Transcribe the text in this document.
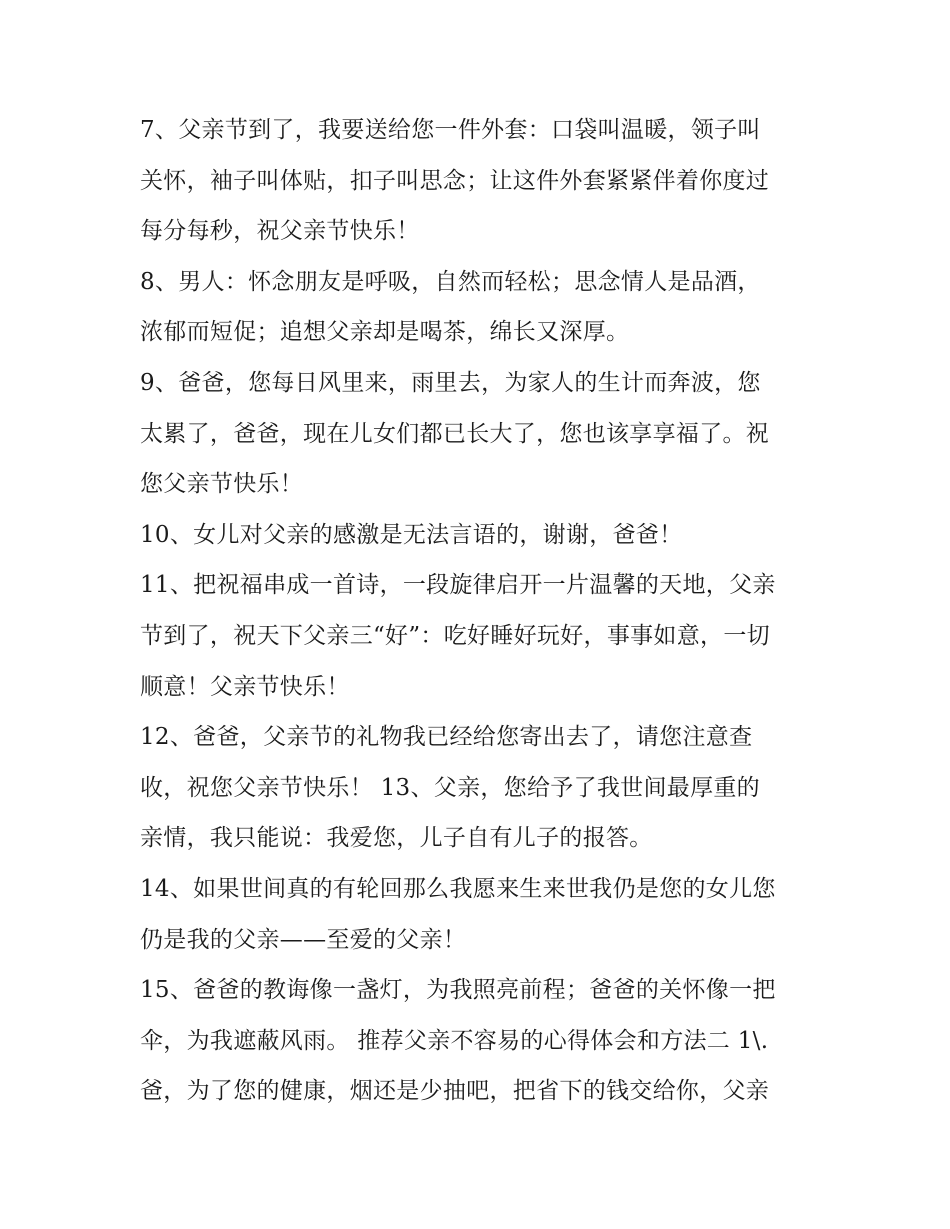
7、父亲节到了，我要送给您一件外套：口袋叫温暖，领子叫
关怀，袖子叫体贴，扣子叫思念；让这件外套紧紧伴着你度过
每分每秒，祝父亲节快乐！
8、男人：怀念朋友是呼吸，自然而轻松；思念情人是品酒，
浓郁而短促；追想父亲却是喝茶，绵长又深厚。
9、爸爸，您每日风里来，雨里去，为家人的生计而奔波，您
太累了，爸爸，现在儿女们都已长大了，您也该享享福了。祝
您父亲节快乐！
10、女儿对父亲的感激是无法言语的，谢谢，爸爸！
11、把祝福串成一首诗，一段旋律启开一片温馨的天地，父亲
节到了，祝天下父亲三“好”：吃好睡好玩好，事事如意，一切
顺意！父亲节快乐！
12、爸爸，父亲节的礼物我已经给您寄出去了，请您注意查
收，祝您父亲节快乐！ 13、父亲，您给予了我世间最厚重的
亲情，我只能说：我爱您，儿子自有儿子的报答。
14、如果世间真的有轮回那么我愿来生来世我仍是您的女儿您
仍是我的父亲——至爱的父亲！
15、爸爸的教诲像一盏灯，为我照亮前程；爸爸的关怀像一把
伞，为我遮蔽风雨。 推荐父亲不容易的心得体会和方法二 1\.
爸，为了您的健康，烟还是少抽吧，把省下的钱交给你，父亲
